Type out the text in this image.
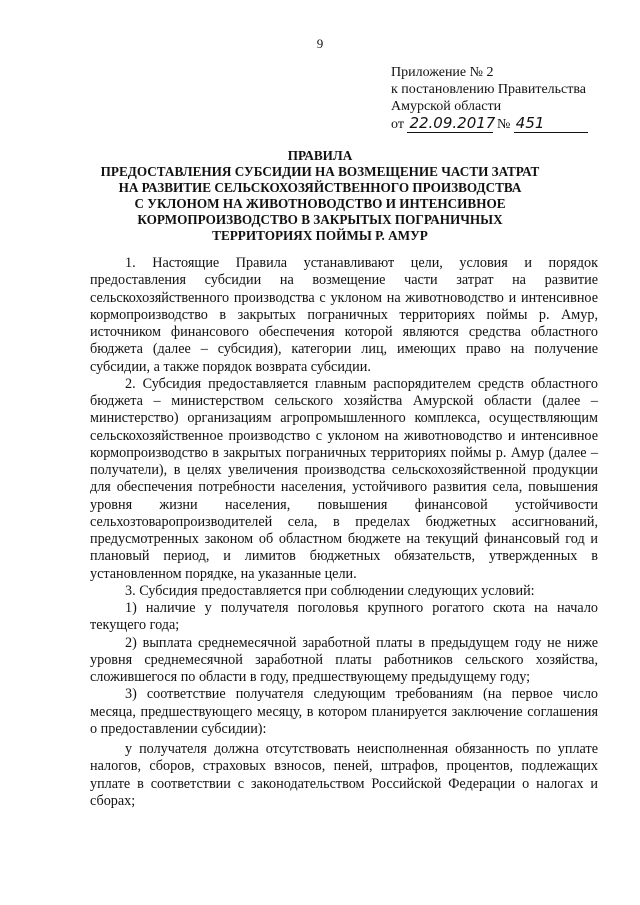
9
Приложение № 2
к постановлению Правительства
Амурской области
от 22.09.2017 № 451
ПРАВИЛА
ПРЕДОСТАВЛЕНИЯ СУБСИДИИ НА ВОЗМЕЩЕНИЕ ЧАСТИ ЗАТРАТ
НА РАЗВИТИЕ СЕЛЬСКОХОЗЯЙСТВЕННОГО ПРОИЗВОДСТВА
С УКЛОНОМ НА ЖИВОТНОВОДСТВО И ИНТЕНСИВНОЕ
КОРМОПРОИЗВОДСТВО В ЗАКРЫТЫХ ПОГРАНИЧНЫХ
ТЕРРИТОРИЯХ ПОЙМЫ Р. АМУР

1. Настоящие Правила устанавливают цели, условия и порядок предоставления субсидии на возмещение части затрат на развитие сельскохозяйственного производства с уклоном на животноводство и интенсивное кормопроизводство в закрытых пограничных территориях поймы р. Амур, источником финансового обеспечения которой являются средства областного бюджета (далее – субсидия), категории лиц, имеющих право на получение субсидии, а также порядок возврата субсидии.

2. Субсидия предоставляется главным распорядителем средств областного бюджета – министерством сельского хозяйства Амурской области (далее – министерство) организациям агропромышленного комплекса, осуществляющим сельскохозяйственное производство с уклоном на животноводство и интенсивное кормопроизводство в закрытых пограничных территориях поймы р. Амур (далее – получатели), в целях увеличения производства сельскохозяйственной продукции для обеспечения потребности населения, устойчивого развития села, повышения уровня жизни населения, повышения финансовой устойчивости сельхозтоваропроизводителей села, в пределах бюджетных ассигнований, предусмотренных законом об областном бюджете на текущий финансовый год и плановый период, и лимитов бюджетных обязательств, утвержденных в установленном порядке, на указанные цели.

3. Субсидия предоставляется при соблюдении следующих условий:

1) наличие у получателя поголовья крупного рогатого скота на начало текущего года;

2) выплата среднемесячной заработной платы в предыдущем году не ниже уровня среднемесячной заработной платы работников сельского хозяйства, сложившегося по области в году, предшествующему предыдущему году;

3) соответствие получателя следующим требованиям (на первое число месяца, предшествующего месяцу, в котором планируется заключение соглашения о предоставлении субсидии):

у получателя должна отсутствовать неисполненная обязанность по уплате налогов, сборов, страховых взносов, пеней, штрафов, процентов, подлежащих уплате в соответствии с законодательством Российской Федерации о налогах и сборах;
